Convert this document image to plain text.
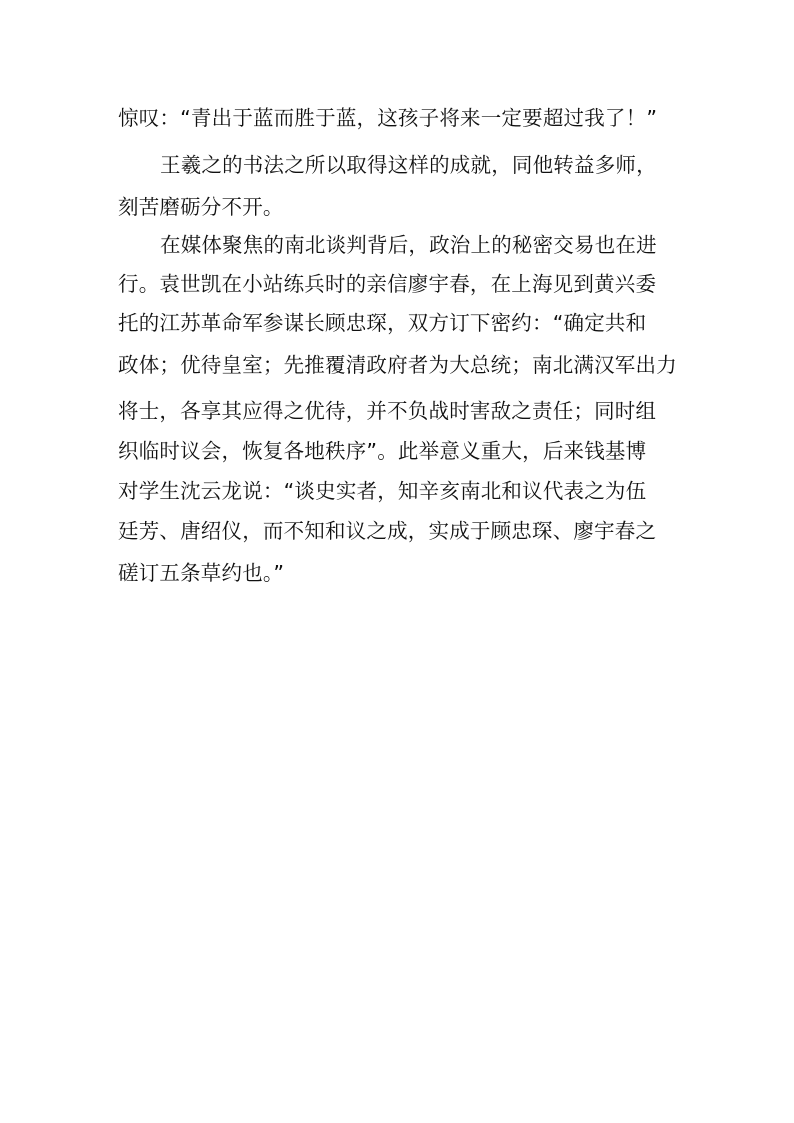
惊叹：“青出于蓝而胜于蓝，这孩子将来一定要超过我了！”
王羲之的书法之所以取得这样的成就，同他转益多师，
刻苦磨砺分不开。
在媒体聚焦的南北谈判背后，政治上的秘密交易也在进
行。袁世凯在小站练兵时的亲信廖宇春，在上海见到黄兴委
托的江苏革命军参谋长顾忠琛，双方订下密约：“确定共和
政体；优待皇室；先推覆清政府者为大总统；南北满汉军出力
将士，各享其应得之优待，并不负战时害敌之责任；同时组
织临时议会，恢复各地秩序”。此举意义重大，后来钱基博
对学生沈云龙说：“谈史实者，知辛亥南北和议代表之为伍
廷芳、唐绍仪，而不知和议之成，实成于顾忠琛、廖宇春之
磋订五条草约也。”
